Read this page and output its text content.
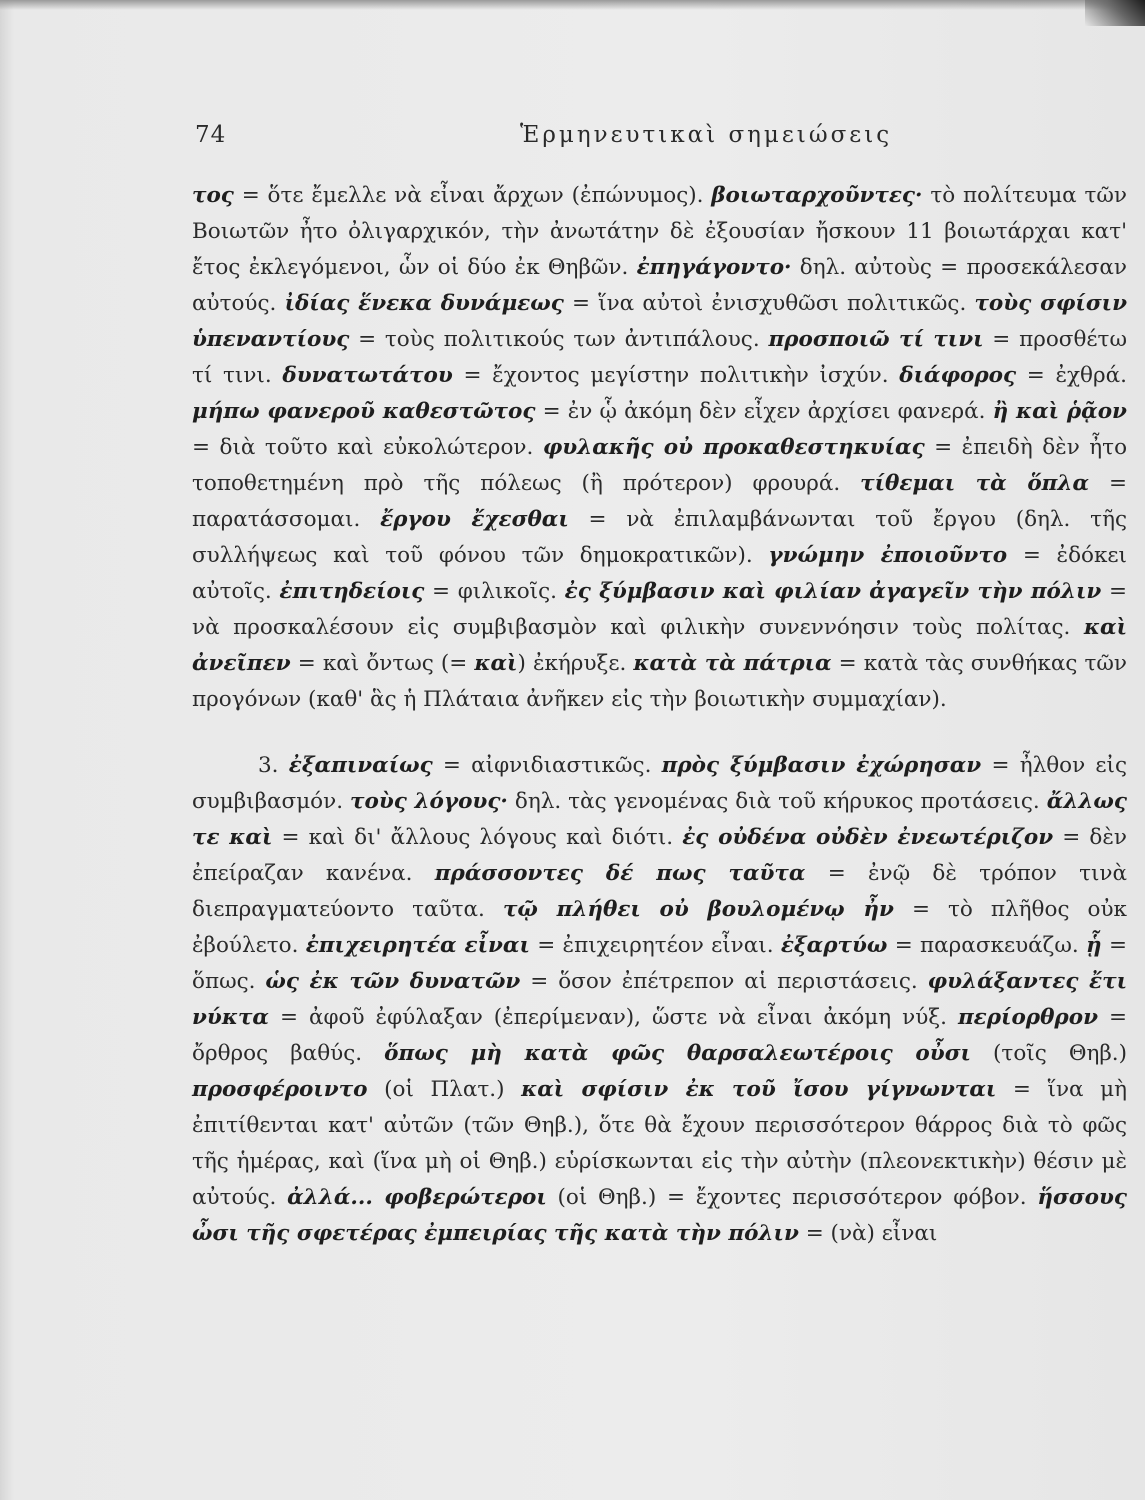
74	Ἑρμηνευτικαὶ σημειώσεις

τος = ὅτε ἔμελλε νὰ εἶναι ἄρχων (ἐπώνυμος). βοιωταρχοῦντες· τὸ πολίτευμα τῶν Βοιωτῶν ἦτο ὀλιγαρχικόν, τὴν ἀνωτάτην δὲ ἐξουσίαν ἤσκουν 11 βοιωτάρχαι κατ' ἔτος ἐκλεγόμενοι, ὧν οἱ δύο ἐκ Θηβῶν. ἐπηγάγοντο· δηλ. αὐτοὺς = προσεκάλεσαν αὐτούς. ἰδίας ἕνεκα δυνάμεως = ἵνα αὐτοὶ ἐνισχυθῶσι πολιτικῶς. τοὺς σφίσιν ὑπεναντίους = τοὺς πολιτικούς των ἀντιπάλους. προσποιῶ τί τινι = προσθέτω τί τινι. δυνατωτάτου = ἔχοντος μεγίστην πολιτικὴν ἰσχύν. διάφορος = ἐχθρά. μήπω φανεροῦ καθεστῶτος = ἐν ᾧ ἀκόμη δὲν εἶχεν ἀρχίσει φανερά. ἢ καὶ ῥᾷον = διὰ τοῦτο καὶ εὐκολώτερον. φυλακῆς οὐ προκαθεστηκυίας = ἐπειδὴ δὲν ἦτο τοποθετημένη πρὸ τῆς πόλεως (ἢ πρότερον) φρουρά. τίθεμαι τὰ ὅπλα = παρατάσσομαι. ἔργου ἔχεσθαι = νὰ ἐπιλαμβάνωνται τοῦ ἔργου (δηλ. τῆς συλλήψεως καὶ τοῦ φόνου τῶν δημοκρατικῶν). γνώμην ἐποιοῦντο = ἐδόκει αὐτοῖς. ἐπιτηδείοις = φιλικοῖς. ἐς ξύμβασιν καὶ φιλίαν ἀγαγεῖν τὴν πόλιν = νὰ προσκαλέσουν εἰς συμβιβασμὸν καὶ φιλικὴν συνεννόησιν τοὺς πολίτας. καὶ ἀνεῖπεν = καὶ ὄντως (= καὶ) ἐκήρυξε. κατὰ τὰ πάτρια = κατὰ τὰς συνθήκας τῶν προγόνων (καθ' ἃς ἡ Πλάταια ἀνῆκεν εἰς τὴν βοιωτικὴν συμμαχίαν).

3. ἐξαπιναίως = αἰφνιδιαστικῶς. πρὸς ξύμβασιν ἐχώρησαν = ἦλθον εἰς συμβιβασμόν. τοὺς λόγους· δηλ. τὰς γενομένας διὰ τοῦ κήρυκος προτάσεις. ἄλλως τε καὶ = καὶ δι' ἄλλους λόγους καὶ διότι. ἐς οὐδένα οὐδὲν ἐνεωτέριζον = δὲν ἐπείραζαν κανένα. πράσσοντες δέ πως ταῦτα = ἐνῷ δὲ τρόπον τινὰ διεπραγματεύοντο ταῦτα. τῷ πλήθει οὐ βουλομένῳ ἦν = τὸ πλῆθος οὐκ ἐβούλετο. ἐπιχειρητέα εἶναι = ἐπιχειρητέον εἶναι. ἐξαρτύω = παρασκευάζω. ᾗ = ὅπως. ὡς ἐκ τῶν δυνατῶν = ὅσον ἐπέτρεπον αἱ περιστάσεις. φυλάξαντες ἔτι νύκτα = ἀφοῦ ἐφύλαξαν (ἐπερίμεναν), ὥστε νὰ εἶναι ἀκόμη νύξ. περίορθρον = ὄρθρος βαθύς. ὅπως μὴ κατὰ φῶς θαρσαλεωτέροις οὖσι (τοῖς Θηβ.) προσφέροιντο (οἱ Πλατ.) καὶ σφίσιν ἐκ τοῦ ἴσου γίγνωνται = ἵνα μὴ ἐπιτίθενται κατ' αὐτῶν (τῶν Θηβ.), ὅτε θὰ ἔχουν περισσότερον θάρρος διὰ τὸ φῶς τῆς ἡμέρας, καὶ (ἵνα μὴ οἱ Θηβ.) εὑρίσκωνται εἰς τὴν αὐτὴν (πλεονεκτικὴν) θέσιν μὲ αὐτούς. ἀλλά... φοβερώτεροι (οἱ Θηβ.) = ἔχοντες περισσότερον φόβον. ἥσσους ὦσι τῆς σφετέρας ἐμπειρίας τῆς κατὰ τὴν πόλιν = (νὰ) εἶναι
